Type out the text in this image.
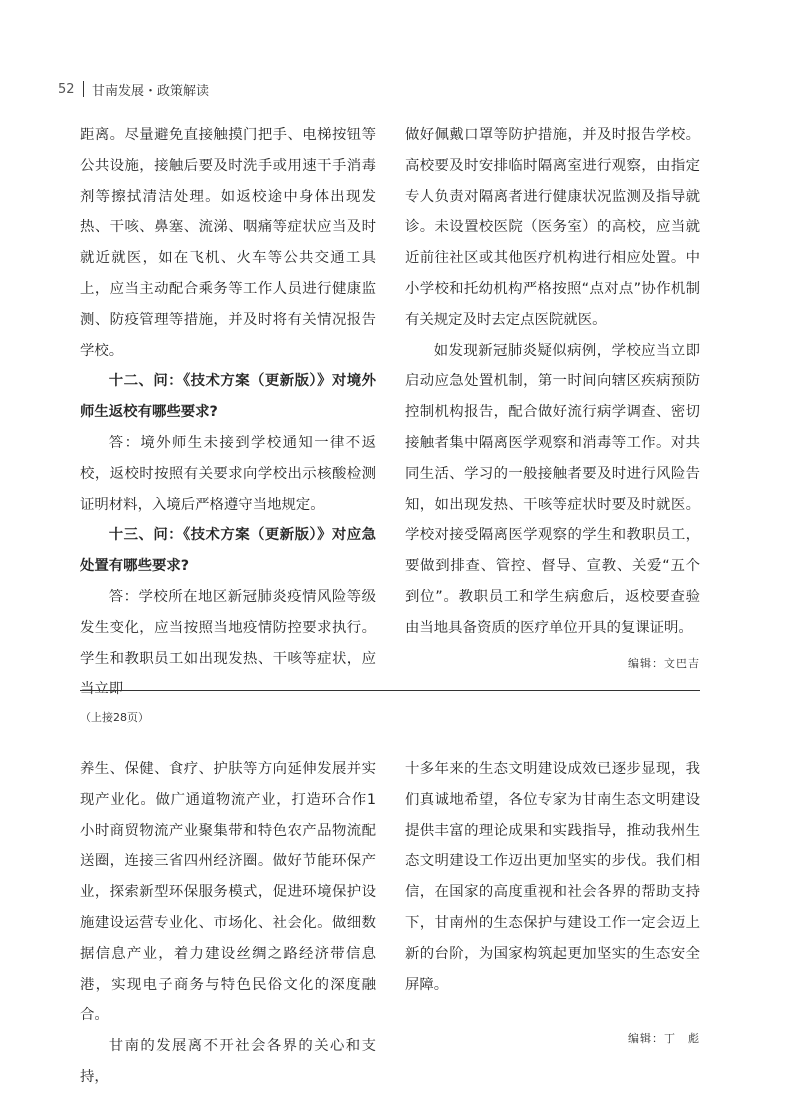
52 甘南发展・政策解读

距离。尽量避免直接触摸门把手、电梯按钮等公共设施，接触后要及时洗手或用速干手消毒剂等擦拭清洁处理。如返校途中身体出现发热、干咳、鼻塞、流涕、咽痛等症状应当及时就近就医，如在飞机、火车等公共交通工具上，应当主动配合乘务等工作人员进行健康监测、防疫管理等措施，并及时将有关情况报告学校。

十二、问：《技术方案（更新版）》对境外师生返校有哪些要求?

答：境外师生未接到学校通知一律不返校，返校时按照有关要求向学校出示核酸检测证明材料，入境后严格遵守当地规定。

十三、问：《技术方案（更新版）》对应急处置有哪些要求?

答：学校所在地区新冠肺炎疫情风险等级发生变化，应当按照当地疫情防控要求执行。学生和教职员工如出现发热、干咳等症状，应当立即

做好佩戴口罩等防护措施，并及时报告学校。高校要及时安排临时隔离室进行观察，由指定专人负责对隔离者进行健康状况监测及指导就诊。未设置校医院（医务室）的高校，应当就近前往社区或其他医疗机构进行相应处置。中小学校和托幼机构严格按照“点对点”协作机制有关规定及时去定点医院就医。

如发现新冠肺炎疑似病例，学校应当立即启动应急处置机制，第一时间向辖区疾病预防控制机构报告，配合做好流行病学调查、密切接触者集中隔离医学观察和消毒等工作。对共同生活、学习的一般接触者要及时进行风险告知，如出现发热、干咳等症状时要及时就医。学校对接受隔离医学观察的学生和教职员工，要做到排查、管控、督导、宣教、关爱“五个到位”。教职员工和学生病愈后，返校要查验由当地具备资质的医疗单位开具的复课证明。

编辑：文巴吉
（上接28页）

养生、保健、食疗、护肤等方向延伸发展并实现产业化。做广通道物流产业，打造环合作1小时商贸物流产业聚集带和特色农产品物流配送圈，连接三省四州经济圈。做好节能环保产业，探索新型环保服务模式，促进环境保护设施建设运营专业化、市场化、社会化。做细数据信息产业，着力建设丝绸之路经济带信息港，实现电子商务与特色民俗文化的深度融合。

甘南的发展离不开社会各界的关心和支持，

十多年来的生态文明建设成效已逐步显现，我们真诚地希望，各位专家为甘南生态文明建设提供丰富的理论成果和实践指导，推动我州生态文明建设工作迈出更加坚实的步伐。我们相信，在国家的高度重视和社会各界的帮助支持下，甘南州的生态保护与建设工作一定会迈上新的台阶，为国家构筑起更加坚实的生态安全屏障。

编辑：丁　彪
